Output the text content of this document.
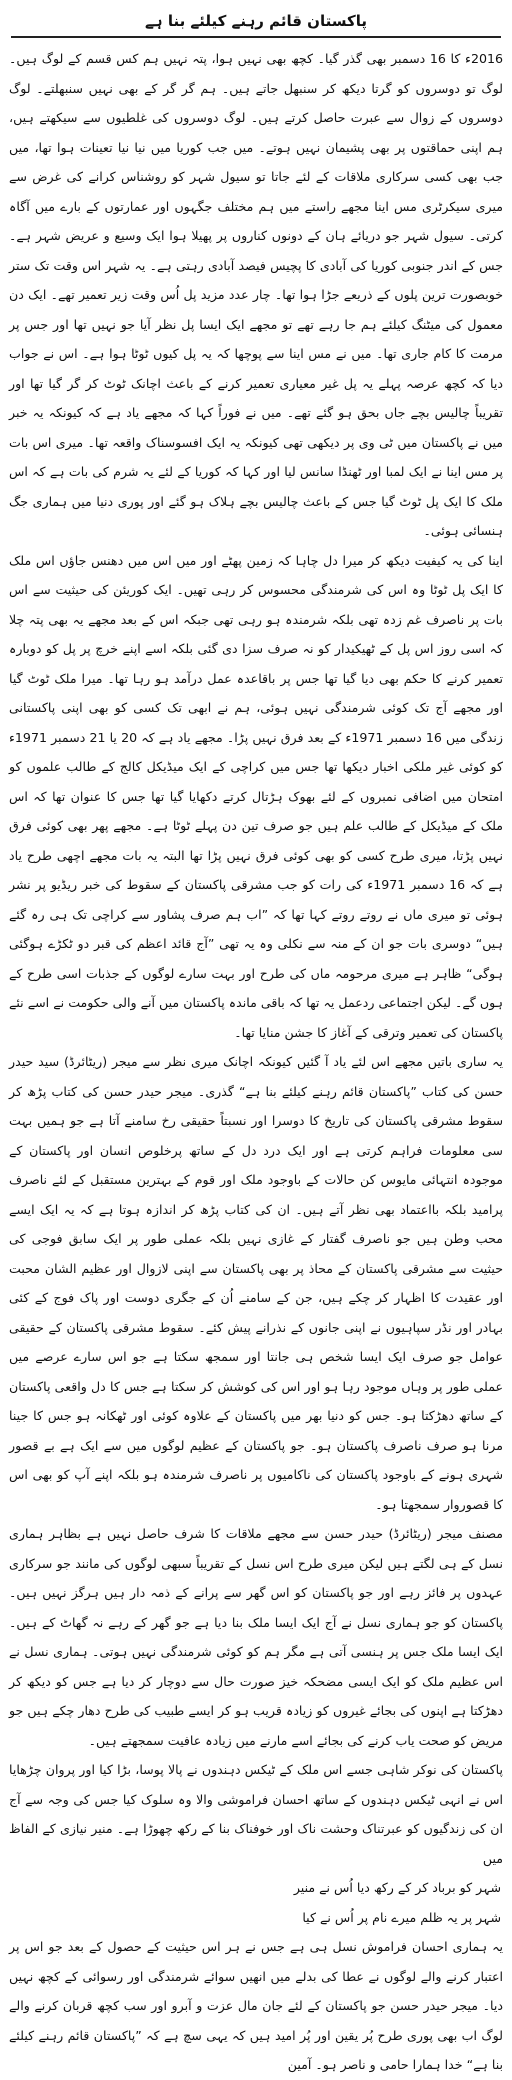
پاکستان قائم رہنے کیلئے بنا ہے

2016ء کا 16 دسمبر بھی گذر گیا۔ کچھ بھی نہیں ہوا، پتہ نہیں ہم کس قسم کے لوگ ہیں۔ لوگ تو دوسروں کو گرتا دیکھ کر سنبھل جاتے ہیں۔ ہم گر گر کے بھی نہیں سنبھلتے۔ لوگ دوسروں کے زوال سے عبرت حاصل کرتے ہیں۔ لوگ دوسروں کی غلطیوں سے سیکھتے ہیں، ہم اپنی حماقتوں پر بھی پشیمان نہیں ہوتے۔ میں جب کوریا میں نیا نیا تعینات ہوا تھا، میں جب بھی کسی سرکاری ملاقات کے لئے جاتا تو سیول شہر کو روشناس کرانے کی غرض سے میری سیکرٹری مس اینا مجھے راستے میں ہم مختلف جگہوں اور عمارتوں کے بارے میں آگاہ کرتی۔ سیول شہر جو دریائے ہان کے دونوں کناروں پر پھیلا ہوا ایک وسیع و عریض شہر ہے۔ جس کے اندر جنوبی کوریا کی آبادی کا پچیس فیصد آبادی رہتی ہے۔ یہ شہر اس وقت تک ستر خوبصورت ترین پلوں کے ذریعے جڑا ہوا تھا۔ چار عدد مزید پل اُس وقت زیر تعمیر تھے۔ ایک دن معمول کی میٹنگ کیلئے ہم جا رہے تھے تو مجھے ایک ایسا پل نظر آیا جو نہیں تھا اور جس پر مرمت کا کام جاری تھا۔ میں نے مس اینا سے پوچھا کہ یہ پل کیوں ٹوٹا ہوا ہے۔ اس نے جواب دیا کہ کچھ عرصہ پہلے یہ پل غیر معیاری تعمیر کرنے کے باعث اچانک ٹوٹ کر گر گیا تھا اور تقریباً چالیس بچے جاں بحق ہو گئے تھے۔ میں نے فوراً کہا کہ مجھے یاد ہے کہ کیونکہ یہ خبر میں نے پاکستان میں ٹی وی پر دیکھی تھی کیونکہ یہ ایک افسوسناک واقعہ تھا۔ میری اس بات پر مس اینا نے ایک لمبا اور ٹھنڈا سانس لیا اور کہا کہ کوریا کے لئے یہ شرم کی بات ہے کہ اس ملک کا ایک پل ٹوٹ گیا جس کے باعث چالیس بچے ہلاک ہو گئے اور پوری دنیا میں ہماری جگ ہنسائی ہوئی۔

اینا کی یہ کیفیت دیکھ کر میرا دل چاہا کہ زمین پھٹے اور میں اس میں دھنس جاؤں اس ملک کا ایک پل ٹوٹا وہ اس کی شرمندگی محسوس کر رہی تھیں۔ ایک کوریئن کی حیثیت سے اس بات پر ناصرف غم زدہ تھی بلکہ شرمندہ ہو رہی تھی جبکہ اس کے بعد مجھے یہ بھی پتہ چلا کہ اسی روز اس پل کے ٹھیکیدار کو نہ صرف سزا دی گئی بلکہ اسے اپنے خرچ پر پل کو دوبارہ تعمیر کرنے کا حکم بھی دیا گیا تھا جس پر باقاعدہ عمل درآمد ہو رہا تھا۔ میرا ملک ٹوٹ گیا اور مجھے آج تک کوئی شرمندگی نہیں ہوئی، ہم نے ابھی تک کسی کو بھی اپنی پاکستانی زندگی میں 16 دسمبر 1971ء کے بعد فرق نہیں پڑا۔ مجھے یاد ہے کہ 20 یا 21 دسمبر 1971ء کو کوئی غیر ملکی اخبار دیکھا تھا جس میں کراچی کے ایک میڈیکل کالج کے طالب علموں کو امتحان میں اضافی نمبروں کے لئے بھوک ہڑتال کرتے دکھایا گیا تھا جس کا عنوان تھا کہ اس ملک کے میڈیکل کے طالب علم ہیں جو صرف تین دن پہلے ٹوٹا ہے۔ مجھے پھر بھی کوئی فرق نہیں پڑتا، میری طرح کسی کو بھی کوئی فرق نہیں پڑا تھا البتہ یہ بات مجھے اچھی طرح یاد ہے کہ 16 دسمبر 1971ء کی رات کو جب مشرقی پاکستان کے سقوط کی خبر ریڈیو پر نشر ہوئی تو میری ماں نے روتے روتے کہا تھا کہ ”اب ہم صرف پشاور سے کراچی تک ہی رہ گئے ہیں“ دوسری بات جو ان کے منہ سے نکلی وہ یہ تھی ”آج قائد اعظم کی قبر دو ٹکڑے ہوگئی ہوگی“ ظاہر ہے میری مرحومہ ماں کی طرح اور بہت سارے لوگوں کے جذبات اسی طرح کے ہوں گے۔ لیکن اجتماعی ردعمل یہ تھا کہ باقی ماندہ پاکستان میں آنے والی حکومت نے اسے نئے پاکستان کی تعمیر وترقی کے آغاز کا جشن منایا تھا۔

یہ ساری باتیں مجھے اس لئے یاد آ گئیں کیونکہ اچانک میری نظر سے میجر (ریٹائرڈ) سید حیدر حسن کی کتاب ”پاکستان قائم رہنے کیلئے بنا ہے“ گذری۔ میجر حیدر حسن کی کتاب پڑھ کر سقوط مشرقی پاکستان کی تاریخ کا دوسرا اور نسبتاً حقیقی رخ سامنے آتا ہے جو ہمیں بہت سی معلومات فراہم کرتی ہے اور ایک درد دل کے ساتھ پرخلوص انسان اور پاکستان کے موجودہ انتہائی مایوس کن حالات کے باوجود ملک اور قوم کے بہترین مستقبل کے لئے ناصرف پرامید بلکہ بااعتماد بھی نظر آتے ہیں۔ ان کی کتاب پڑھ کر اندازہ ہوتا ہے کہ یہ ایک ایسے محب وطن ہیں جو ناصرف گفتار کے غازی نہیں بلکہ عملی طور پر ایک سابق فوجی کی حیثیت سے مشرقی پاکستان کے محاذ پر بھی پاکستان سے اپنی لازوال اور عظیم الشان محبت اور عقیدت کا اظہار کر چکے ہیں، جن کے سامنے اُن کے جگری دوست اور پاک فوج کے کئی بہادر اور نڈر سپاہیوں نے اپنی جانوں کے نذرانے پیش کئے۔ سقوط مشرقی پاکستان کے حقیقی عوامل جو صرف ایک ایسا شخص ہی جانتا اور سمجھ سکتا ہے جو اس سارے عرصے میں عملی طور پر وہاں موجود رہا ہو اور اس کی کوشش کر سکتا ہے جس کا دل واقعی پاکستان کے ساتھ دھڑکتا ہو۔ جس کو دنیا بھر میں پاکستان کے علاوہ کوئی اور ٹھکانہ ہو جس کا جینا مرنا ہو صرف ناصرف پاکستان ہو۔ جو پاکستان کے عظیم لوگوں میں سے ایک ہے بے قصور شہری ہونے کے باوجود پاکستان کی ناکامیوں پر ناصرف شرمندہ ہو بلکہ اپنے آپ کو بھی اس کا قصوروار سمجھتا ہو۔

مصنف میجر (ریٹائرڈ) حیدر حسن سے مجھے ملاقات کا شرف حاصل نہیں ہے بظاہر ہماری نسل کے ہی لگتے ہیں لیکن میری طرح اس نسل کے تقریباً سبھی لوگوں کی مانند جو سرکاری عہدوں پر فائز رہے اور جو پاکستان کو اس گھر سے پرانے کے ذمہ دار ہیں ہرگز نہیں ہیں۔ پاکستان کو جو ہماری نسل نے آج ایک ایسا ملک بنا دیا ہے جو گھر کے رہے نہ گھاٹ کے ہیں۔ ایک ایسا ملک جس پر ہنسی آتی ہے مگر ہم کو کوئی شرمندگی نہیں ہوتی۔ ہماری نسل نے اس عظیم ملک کو ایک ایسی مضحکہ خیز صورت حال سے دوچار کر دیا ہے جس کو دیکھ کر دھڑکتا ہے اپنوں کی بجائے غیروں کو زیادہ قریب ہو کر ایسے طبیب کی طرح دھار چکے ہیں جو مریض کو صحت یاب کرنے کی بجائے اسے مارنے میں زیادہ عافیت سمجھتے ہیں۔

پاکستان کی نوکر شاہی جسے اس ملک کے ٹیکس دہندوں نے پالا پوسا، بڑا کیا اور پروان چڑھایا اس نے انہی ٹیکس دہندوں کے ساتھ احسان فراموشی والا وہ سلوک کیا جس کی وجہ سے آج ان کی زندگیوں کو عبرتناک وحشت ناک اور خوفناک بنا کے رکھ چھوڑا ہے۔ منیر نیازی کے الفاظ میں

شہر کو برباد کر کے رکھ دیا اُس نے منیر

شہر پر یہ ظلم میرے نام پر اُس نے کیا

یہ ہماری احسان فراموش نسل ہی ہے جس نے ہر اس حیثیت کے حصول کے بعد جو اس پر اعتبار کرنے والے لوگوں نے عطا کی بدلے میں انھیں سوائے شرمندگی اور رسوائی کے کچھ نہیں دیا۔ میجر حیدر حسن جو پاکستان کے لئے جان مال عزت و آبرو اور سب کچھ قربان کرنے والے لوگ اب بھی پوری طرح پُر یقین اور پُر امید ہیں کہ یہی سچ ہے کہ ”پاکستان قائم رہنے کیلئے بنا ہے“ خدا ہمارا حامی و ناصر ہو۔ آمین
